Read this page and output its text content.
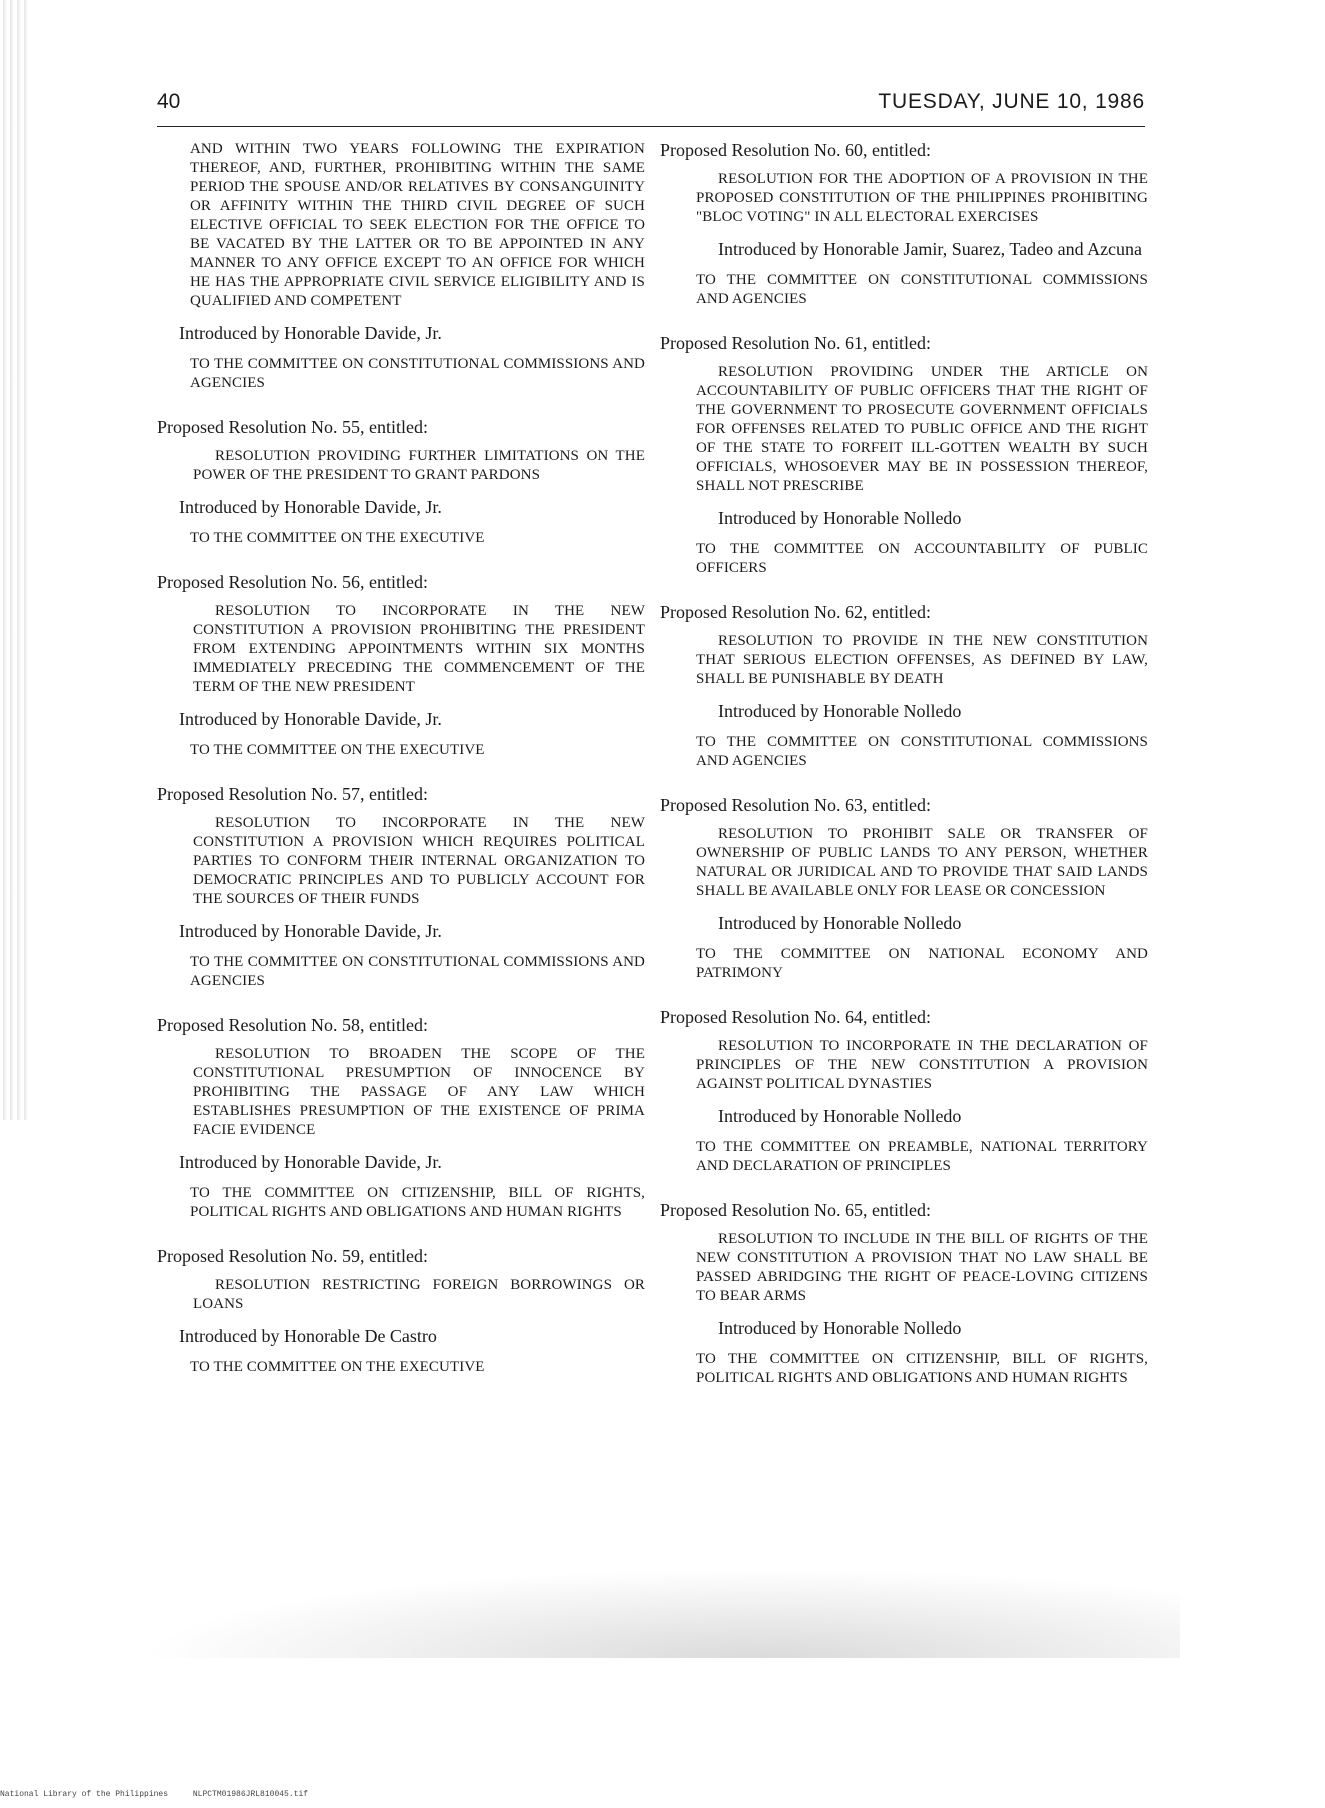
40	TUESDAY, JUNE 10, 1986

AND WITHIN TWO YEARS FOLLOWING THE EXPIRATION THEREOF, AND, FURTHER, PROHIBITING WITHIN THE SAME PERIOD THE SPOUSE AND/OR RELATIVES BY CONSANGUINITY OR AFFINITY WITHIN THE THIRD CIVIL DEGREE OF SUCH ELECTIVE OFFICIAL TO SEEK ELECTION FOR THE OFFICE TO BE VACATED BY THE LATTER OR TO BE APPOINTED IN ANY MANNER TO ANY OFFICE EXCEPT TO AN OFFICE FOR WHICH HE HAS THE APPROPRIATE CIVIL SERVICE ELIGIBILITY AND IS QUALIFIED AND COMPETENT

Introduced by Honorable Davide, Jr.

TO THE COMMITTEE ON CONSTITUTIONAL COMMISSIONS AND AGENCIES

Proposed Resolution No. 55, entitled:

RESOLUTION PROVIDING FURTHER LIMITATIONS ON THE POWER OF THE PRESIDENT TO GRANT PARDONS

Introduced by Honorable Davide, Jr.

TO THE COMMITTEE ON THE EXECUTIVE

Proposed Resolution No. 56, entitled:

RESOLUTION TO INCORPORATE IN THE NEW CONSTITUTION A PROVISION PROHIBITING THE PRESIDENT FROM EXTENDING APPOINTMENTS WITHIN SIX MONTHS IMMEDIATELY PRECEDING THE COMMENCEMENT OF THE TERM OF THE NEW PRESIDENT

Introduced by Honorable Davide, Jr.

TO THE COMMITTEE ON THE EXECUTIVE

Proposed Resolution No. 57, entitled:

RESOLUTION TO INCORPORATE IN THE NEW CONSTITUTION A PROVISION WHICH REQUIRES POLITICAL PARTIES TO CONFORM THEIR INTERNAL ORGANIZATION TO DEMOCRATIC PRINCIPLES AND TO PUBLICLY ACCOUNT FOR THE SOURCES OF THEIR FUNDS

Introduced by Honorable Davide, Jr.

TO THE COMMITTEE ON CONSTITUTIONAL COMMISSIONS AND AGENCIES

Proposed Resolution No. 58, entitled:

RESOLUTION TO BROADEN THE SCOPE OF THE CONSTITUTIONAL PRESUMPTION OF INNOCENCE BY PROHIBITING THE PASSAGE OF ANY LAW WHICH ESTABLISHES PRESUMPTION OF THE EXISTENCE OF PRIMA FACIE EVIDENCE

Introduced by Honorable Davide, Jr.

TO THE COMMITTEE ON CITIZENSHIP, BILL OF RIGHTS, POLITICAL RIGHTS AND OBLIGATIONS AND HUMAN RIGHTS

Proposed Resolution No. 59, entitled:

RESOLUTION RESTRICTING FOREIGN BORROWINGS OR LOANS

Introduced by Honorable De Castro

TO THE COMMITTEE ON THE EXECUTIVE

Proposed Resolution No. 60, entitled:

RESOLUTION FOR THE ADOPTION OF A PROVISION IN THE PROPOSED CONSTITUTION OF THE PHILIPPINES PROHIBITING "BLOC VOTING" IN ALL ELECTORAL EXERCISES

Introduced by Honorable Jamir, Suarez, Tadeo and Azcuna

TO THE COMMITTEE ON CONSTITUTIONAL COMMISSIONS AND AGENCIES

Proposed Resolution No. 61, entitled:

RESOLUTION PROVIDING UNDER THE ARTICLE ON ACCOUNTABILITY OF PUBLIC OFFICERS THAT THE RIGHT OF THE GOVERNMENT TO PROSECUTE GOVERNMENT OFFICIALS FOR OFFENSES RELATED TO PUBLIC OFFICE AND THE RIGHT OF THE STATE TO FORFEIT ILL-GOTTEN WEALTH BY SUCH OFFICIALS, WHOSOEVER MAY BE IN POSSESSION THEREOF, SHALL NOT PRESCRIBE

Introduced by Honorable Nolledo

TO THE COMMITTEE ON ACCOUNTABILITY OF PUBLIC OFFICERS

Proposed Resolution No. 62, entitled:

RESOLUTION TO PROVIDE IN THE NEW CONSTITUTION THAT SERIOUS ELECTION OFFENSES, AS DEFINED BY LAW, SHALL BE PUNISHABLE BY DEATH

Introduced by Honorable Nolledo

TO THE COMMITTEE ON CONSTITUTIONAL COMMISSIONS AND AGENCIES

Proposed Resolution No. 63, entitled:

RESOLUTION TO PROHIBIT SALE OR TRANSFER OF OWNERSHIP OF PUBLIC LANDS TO ANY PERSON, WHETHER NATURAL OR JURIDICAL AND TO PROVIDE THAT SAID LANDS SHALL BE AVAILABLE ONLY FOR LEASE OR CONCESSION

Introduced by Honorable Nolledo

TO THE COMMITTEE ON NATIONAL ECONOMY AND PATRIMONY

Proposed Resolution No. 64, entitled:

RESOLUTION TO INCORPORATE IN THE DECLARATION OF PRINCIPLES OF THE NEW CONSTITUTION A PROVISION AGAINST POLITICAL DYNASTIES

Introduced by Honorable Nolledo

TO THE COMMITTEE ON PREAMBLE, NATIONAL TERRITORY AND DECLARATION OF PRINCIPLES

Proposed Resolution No. 65, entitled:

RESOLUTION TO INCLUDE IN THE BILL OF RIGHTS OF THE NEW CONSTITUTION A PROVISION THAT NO LAW SHALL BE PASSED ABRIDGING THE RIGHT OF PEACE-LOVING CITIZENS TO BEAR ARMS

Introduced by Honorable Nolledo

TO THE COMMITTEE ON CITIZENSHIP, BILL OF RIGHTS, POLITICAL RIGHTS AND OBLIGATIONS AND HUMAN RIGHTS

National Library of the Philippines	NLPCTM01986JRL810045.tif
